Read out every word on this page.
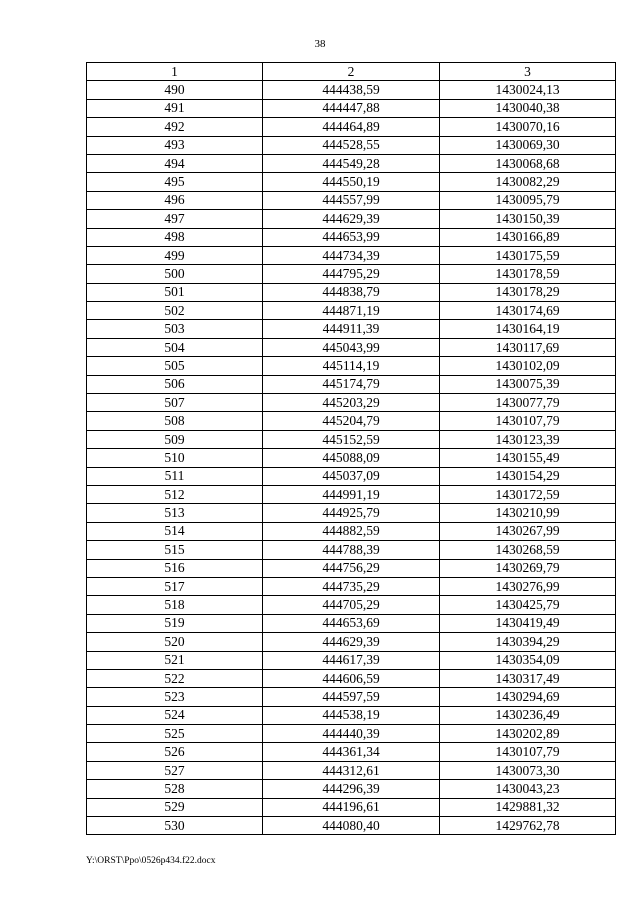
38
1	2	3
490	444438,59	1430024,13
491	444447,88	1430040,38
492	444464,89	1430070,16
493	444528,55	1430069,30
494	444549,28	1430068,68
495	444550,19	1430082,29
496	444557,99	1430095,79
497	444629,39	1430150,39
498	444653,99	1430166,89
499	444734,39	1430175,59
500	444795,29	1430178,59
501	444838,79	1430178,29
502	444871,19	1430174,69
503	444911,39	1430164,19
504	445043,99	1430117,69
505	445114,19	1430102,09
506	445174,79	1430075,39
507	445203,29	1430077,79
508	445204,79	1430107,79
509	445152,59	1430123,39
510	445088,09	1430155,49
511	445037,09	1430154,29
512	444991,19	1430172,59
513	444925,79	1430210,99
514	444882,59	1430267,99
515	444788,39	1430268,59
516	444756,29	1430269,79
517	444735,29	1430276,99
518	444705,29	1430425,79
519	444653,69	1430419,49
520	444629,39	1430394,29
521	444617,39	1430354,09
522	444606,59	1430317,49
523	444597,59	1430294,69
524	444538,19	1430236,49
525	444440,39	1430202,89
526	444361,34	1430107,79
527	444312,61	1430073,30
528	444296,39	1430043,23
529	444196,61	1429881,32
530	444080,40	1429762,78
Y:\ORST\Ppo\0526p434.f22.docx
